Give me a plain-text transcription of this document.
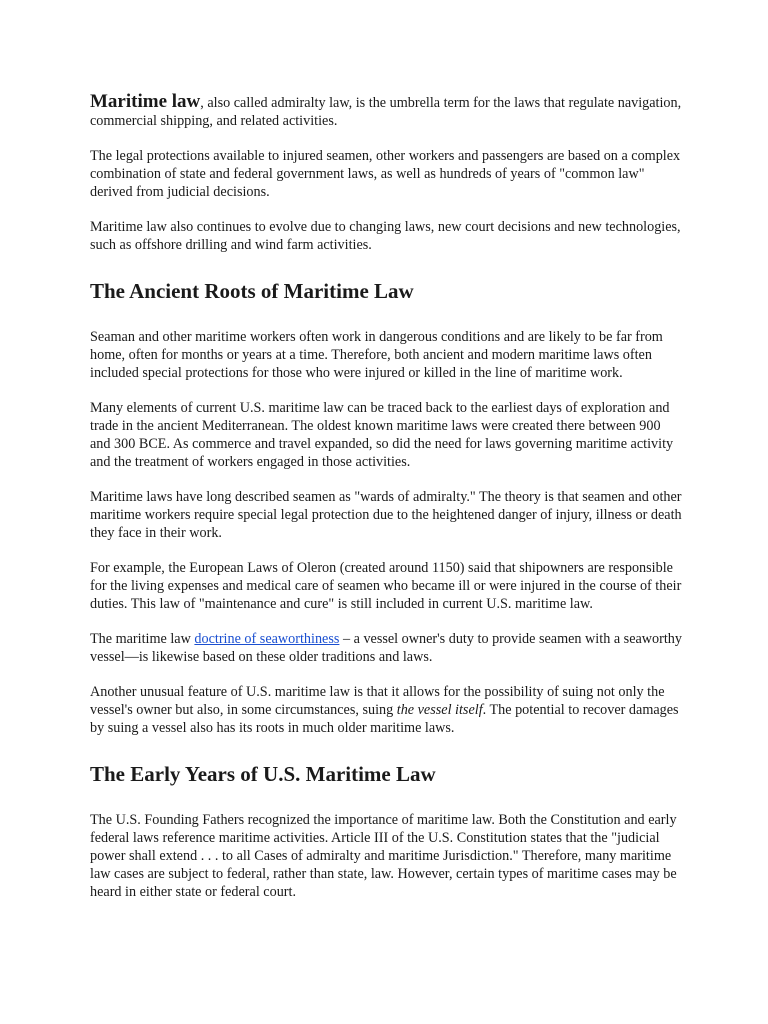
Maritime law, also called admiralty law, is the umbrella term for the laws that regulate navigation, commercial shipping, and related activities.

The legal protections available to injured seamen, other workers and passengers are based on a complex combination of state and federal government laws, as well as hundreds of years of "common law" derived from judicial decisions.

Maritime law also continues to evolve due to changing laws, new court decisions and new technologies, such as offshore drilling and wind farm activities.

The Ancient Roots of Maritime Law

Seaman and other maritime workers often work in dangerous conditions and are likely to be far from home, often for months or years at a time. Therefore, both ancient and modern maritime laws often included special protections for those who were injured or killed in the line of maritime work.

Many elements of current U.S. maritime law can be traced back to the earliest days of exploration and trade in the ancient Mediterranean. The oldest known maritime laws were created there between 900 and 300 BCE. As commerce and travel expanded, so did the need for laws governing maritime activity and the treatment of workers engaged in those activities.

Maritime laws have long described seamen as "wards of admiralty." The theory is that seamen and other maritime workers require special legal protection due to the heightened danger of injury, illness or death they face in their work.

For example, the European Laws of Oleron (created around 1150) said that shipowners are responsible for the living expenses and medical care of seamen who became ill or were injured in the course of their duties. This law of "maintenance and cure" is still included in current U.S. maritime law.

The maritime law doctrine of seaworthiness – a vessel owner's duty to provide seamen with a seaworthy vessel—is likewise based on these older traditions and laws.

Another unusual feature of U.S. maritime law is that it allows for the possibility of suing not only the vessel's owner but also, in some circumstances, suing the vessel itself. The potential to recover damages by suing a vessel also has its roots in much older maritime laws.

The Early Years of U.S. Maritime Law

The U.S. Founding Fathers recognized the importance of maritime law. Both the Constitution and early federal laws reference maritime activities. Article III of the U.S. Constitution states that the "judicial power shall extend . . . to all Cases of admiralty and maritime Jurisdiction." Therefore, many maritime law cases are subject to federal, rather than state, law. However, certain types of maritime cases may be heard in either state or federal court.
